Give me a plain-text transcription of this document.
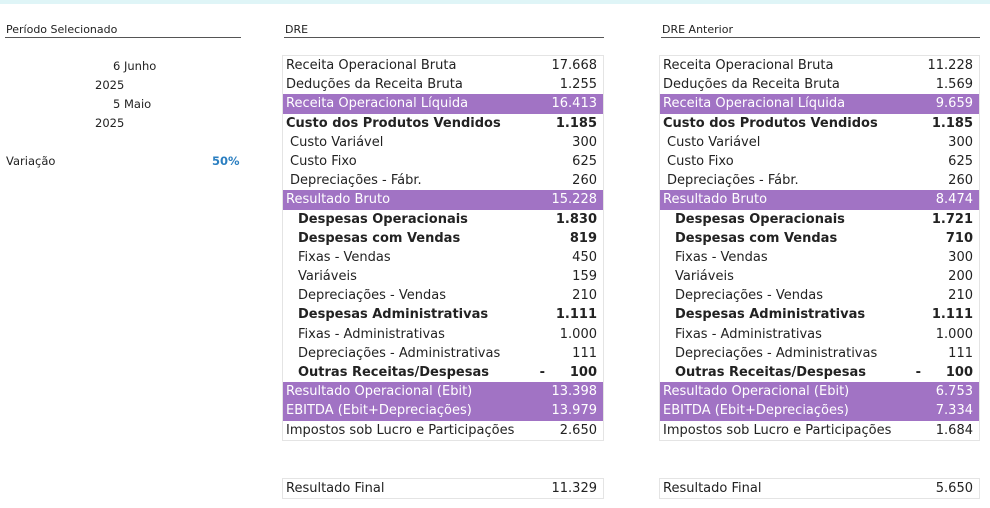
Período Selecionado
6 Junho
2025
5 Maio
2025
Variação	50%
DRE
Receita Operacional Bruta	17.668
Deduções da Receita Bruta	1.255
Receita Operacional Líquida	16.413
Custo dos Produtos Vendidos	1.185
Custo Variável	300
Custo Fixo	625
Depreciações - Fábr.	260
Resultado Bruto	15.228
Despesas Operacionais	1.830
Despesas com Vendas	819
Fixas - Vendas	450
Variáveis	159
Depreciações - Vendas	210
Despesas Administrativas	1.111
Fixas - Administrativas	1.000
Depreciações - Administrativas	111
Outras Receitas/Despesas	- 100
Resultado Operacional (Ebit)	13.398
EBITDA (Ebit+Depreciações)	13.979
Impostos sob Lucro e Participações	2.650
Resultado Final	11.329
DRE Anterior
Receita Operacional Bruta	11.228
Deduções da Receita Bruta	1.569
Receita Operacional Líquida	9.659
Custo dos Produtos Vendidos	1.185
Custo Variável	300
Custo Fixo	625
Depreciações - Fábr.	260
Resultado Bruto	8.474
Despesas Operacionais	1.721
Despesas com Vendas	710
Fixas - Vendas	300
Variáveis	200
Depreciações - Vendas	210
Despesas Administrativas	1.111
Fixas - Administrativas	1.000
Depreciações - Administrativas	111
Outras Receitas/Despesas	- 100
Resultado Operacional (Ebit)	6.753
EBITDA (Ebit+Depreciações)	7.334
Impostos sob Lucro e Participações	1.684
Resultado Final	5.650
